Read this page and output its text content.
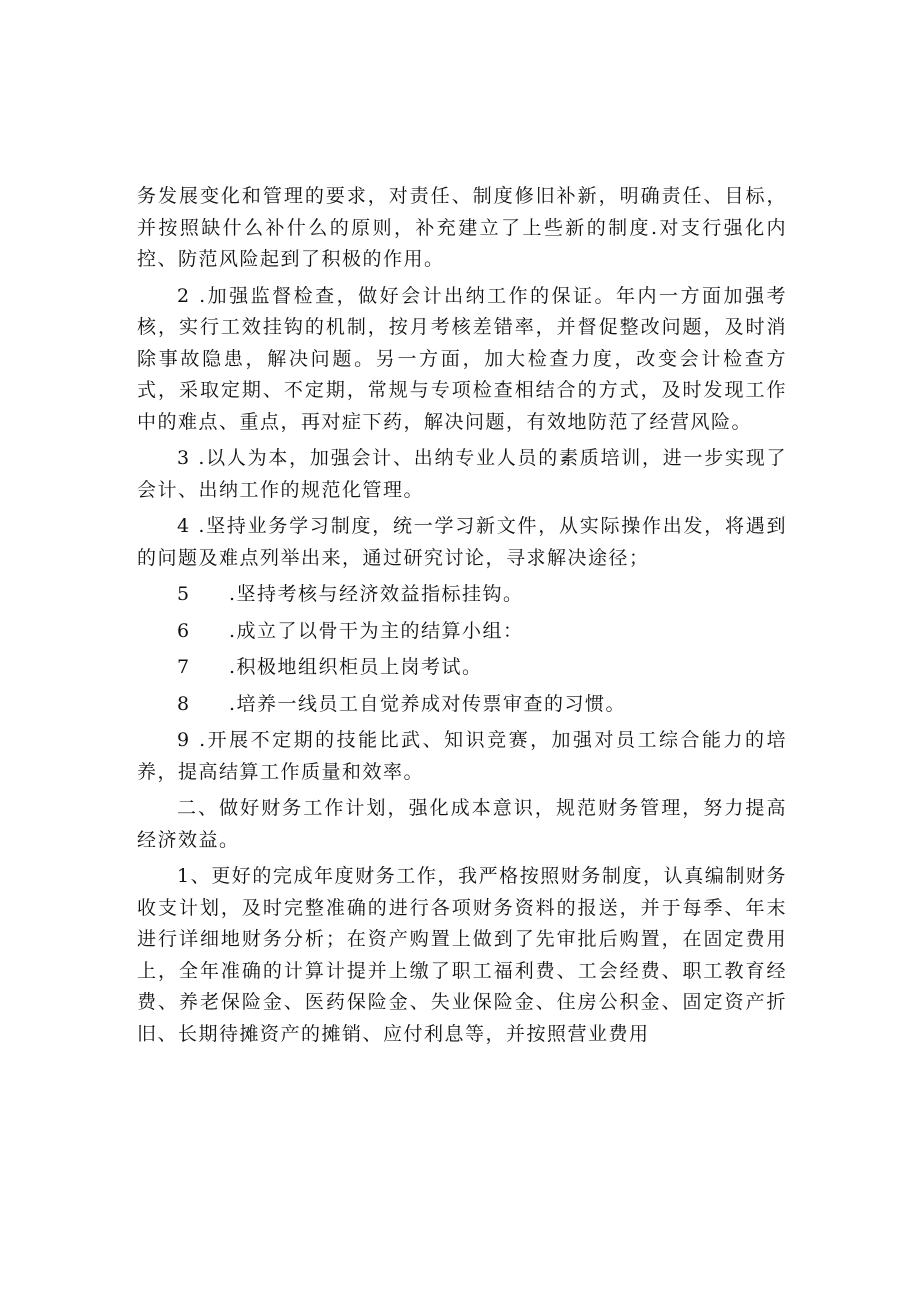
务发展变化和管理的要求，对责任、制度修旧补新，明确责任、目标，并按照缺什么补什么的原则，补充建立了上些新的制度.对支行强化内控、防范风险起到了积极的作用。

2 .加强监督检查，做好会计出纳工作的保证。年内一方面加强考核，实行工效挂钩的机制，按月考核差错率，并督促整改问题，及时消除事故隐患，解决问题。另一方面，加大检查力度，改变会计检查方式，采取定期、不定期，常规与专项检查相结合的方式，及时发现工作中的难点、重点，再对症下药，解决问题，有效地防范了经营风险。

3 .以人为本，加强会计、出纳专业人员的素质培训，进一步实现了会计、出纳工作的规范化管理。

4 .坚持业务学习制度，统一学习新文件，从实际操作出发，将遇到的问题及难点列举出来，通过研究讨论，寻求解决途径；

5 .坚持考核与经济效益指标挂钩。
6 .成立了以骨干为主的结算小组：
7 .积极地组织柜员上岗考试。
8 .培养一线员工自觉养成对传票审查的习惯。

9 .开展不定期的技能比武、知识竞赛，加强对员工综合能力的培养，提高结算工作质量和效率。

二、做好财务工作计划，强化成本意识，规范财务管理，努力提高经济效益。

1、更好的完成年度财务工作，我严格按照财务制度，认真编制财务收支计划，及时完整准确的进行各项财务资料的报送，并于每季、年末进行详细地财务分析；在资产购置上做到了先审批后购置，在固定费用上，全年准确的计算计提并上缴了职工福利费、工会经费、职工教育经费、养老保险金、医药保险金、失业保险金、住房公积金、固定资产折旧、长期待摊资产的摊销、应付利息等，并按照营业费用
